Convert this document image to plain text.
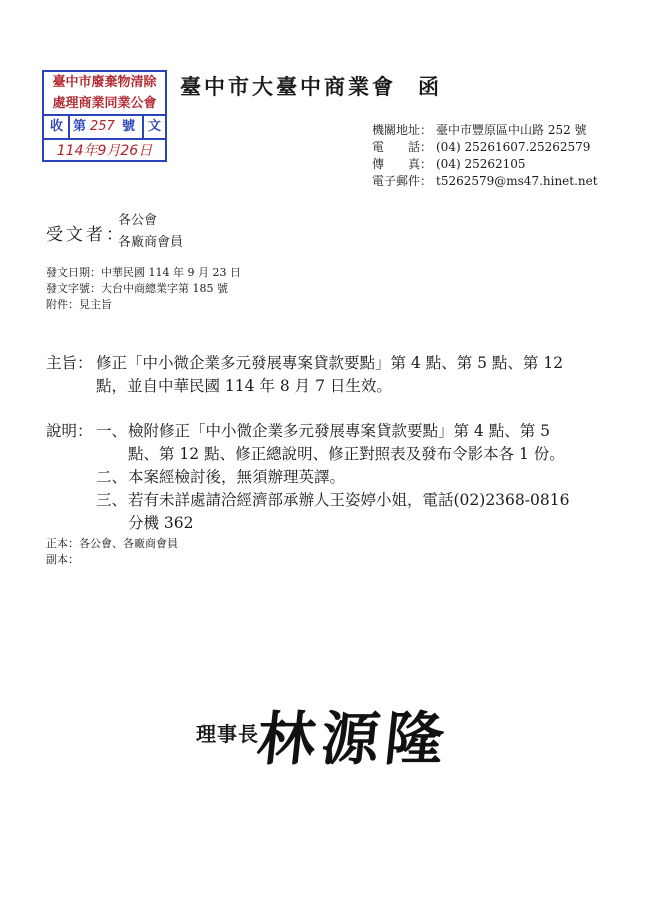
臺中市廢棄物清除
處理商業同業公會
收 第 257 號 文
114年9月26日
臺中市大臺中商業會 函
機關地址： 臺中市豐原區中山路 252 號
電　　話： (04) 25261607.25262579
傳　　真： (04) 25262105
電子郵件： t5262579@ms47.hinet.net
受文者：
各公會
各廠商會員
發文日期：中華民國 114 年 9 月 23 日
發文字號：大台中商總業字第 185 號
附件：見主旨
主旨： 修正「中小微企業多元發展專案貸款要點」第 4 點、第 5 點、第 12
點，並自中華民國 114 年 8 月 7 日生效。
說明： 一、 檢附修正「中小微企業多元發展專案貸款要點」第 4 點、第 5
點、第 12 點、修正總說明、修正對照表及發布令影本各 1 份。
二、 本案經檢討後，無須辦理英譯。
三、 若有未詳處請洽經濟部承辦人王姿婷小姐，電話(02)2368-0816
分機 362
正本：各公會、各廠商會員
副本：
理事長
林源隆
